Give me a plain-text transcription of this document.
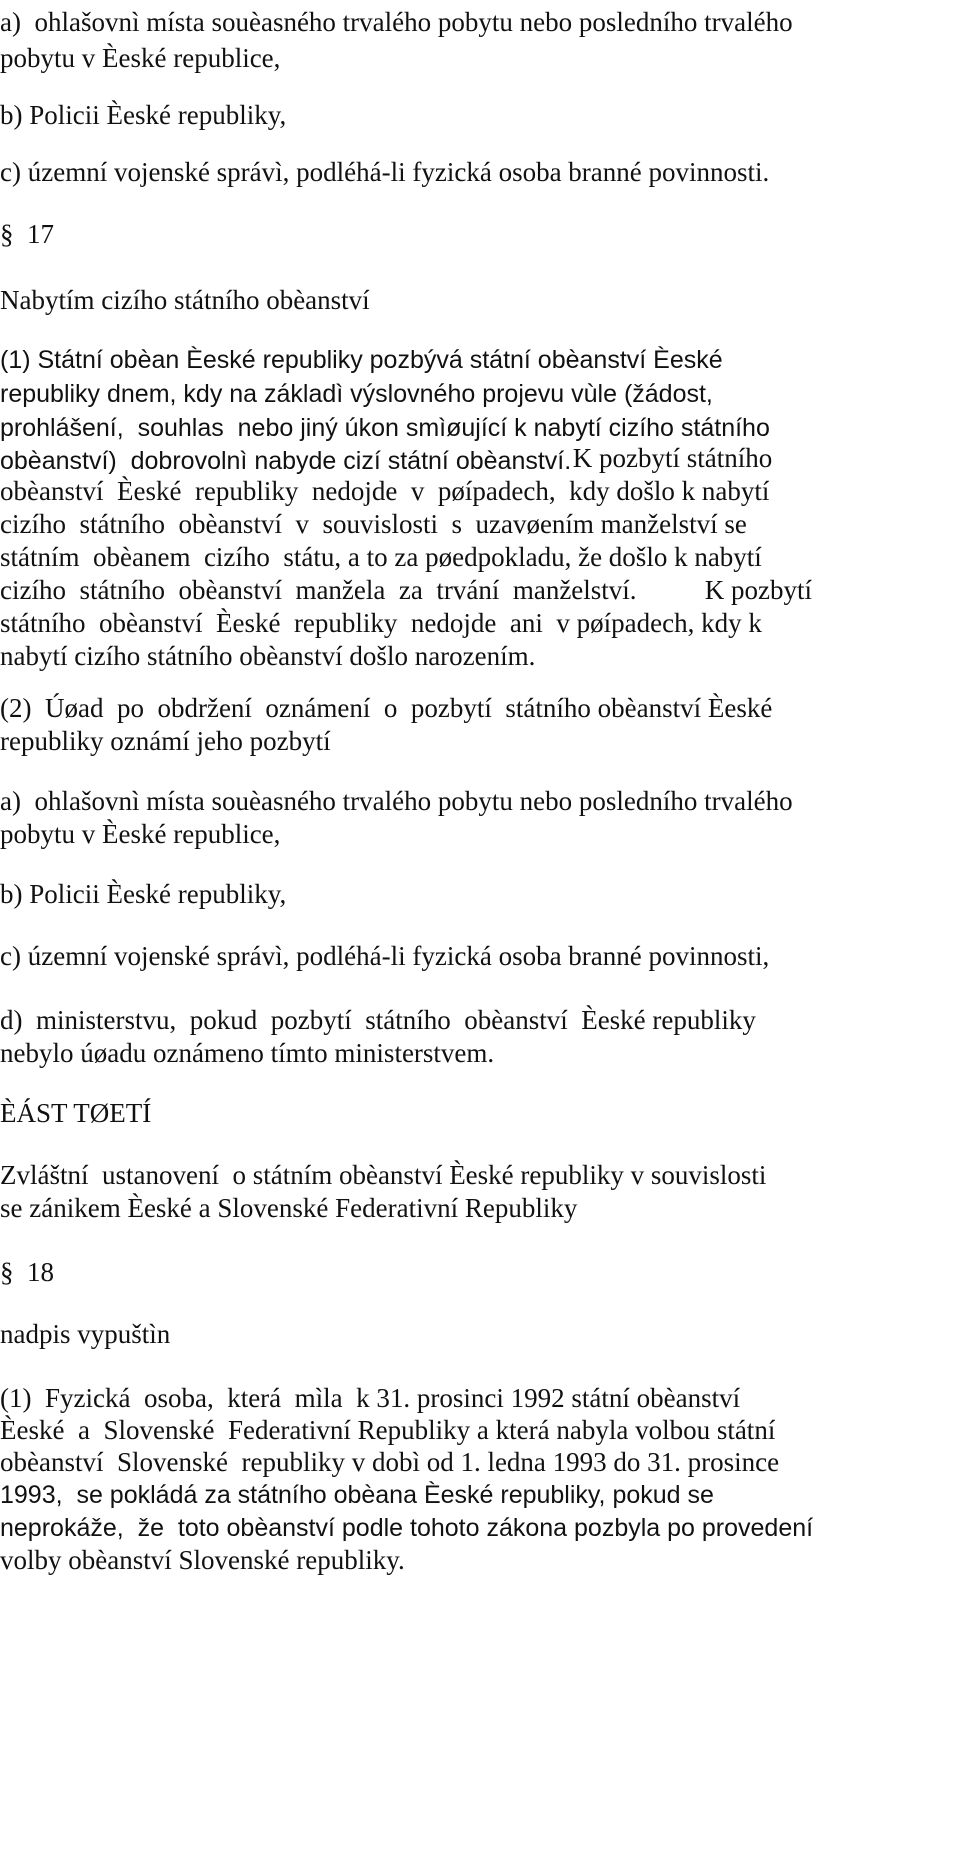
a)  ohlašovnì místa souèasného trvalého pobytu nebo posledního trvalého
pobytu v Èeské republice,
b) Policii Èeské republiky,
c) územní vojenské správì, podléhá-li fyzická osoba branné povinnosti.
§  17
Nabytím cizího státního obèanství
(1) Státní obèan Èeské republiky pozbývá státní obèanství Èeské
republiky dnem, kdy na základì výslovného projevu vùle (žádost,
prohlášení,  souhlas  nebo jiný úkon smìøující k nabytí cizího státního
obèanství)  dobrovolnì nabyde cizí státní obèanství.
K pozbytí státního
obèanství  Èeské  republiky  nedojde  v  pøípadech,  kdy došlo k nabytí
cizího  státního  obèanství  v  souvislosti  s  uzavøením manželství se
státním  obèanem  cizího  státu, a to za pøedpokladu, že došlo k nabytí
cizího  státního  obèanství  manžela  za  trvání  manželství. K pozbytí
státního  obèanství  Èeské  republiky  nedojde  ani  v pøípadech, kdy k
nabytí cizího státního obèanství došlo narozením.
(2)  Úøad  po  obdržení  oznámení  o  pozbytí  státního obèanství Èeské
republiky oznámí jeho pozbytí
a)  ohlašovnì místa souèasného trvalého pobytu nebo posledního trvalého
pobytu v Èeské republice,
b) Policii Èeské republiky,
c) územní vojenské správì, podléhá-li fyzická osoba branné povinnosti,
d)  ministerstvu,  pokud  pozbytí  státního  obèanství  Èeské republiky
nebylo úøadu oznámeno tímto ministerstvem.
ÈÁST TØETÍ
Zvláštní  ustanovení  o státním obèanství Èeské republiky v souvislosti
se zánikem Èeské a Slovenské Federativní Republiky
§  18
nadpis vypuštìn
(1)  Fyzická  osoba,  která  mìla  k 31. prosinci 1992 státní obèanství
Èeské  a  Slovenské  Federativní Republiky a která nabyla volbou státní
obèanství  Slovenské  republiky v dobì od 1. ledna 1993 do 31. prosince
1993,  se pokládá za státního obèana Èeské republiky, pokud se
neprokáže,  že  toto obèanství podle tohoto zákona pozbyla po provedení
volby obèanství Slovenské republiky.
